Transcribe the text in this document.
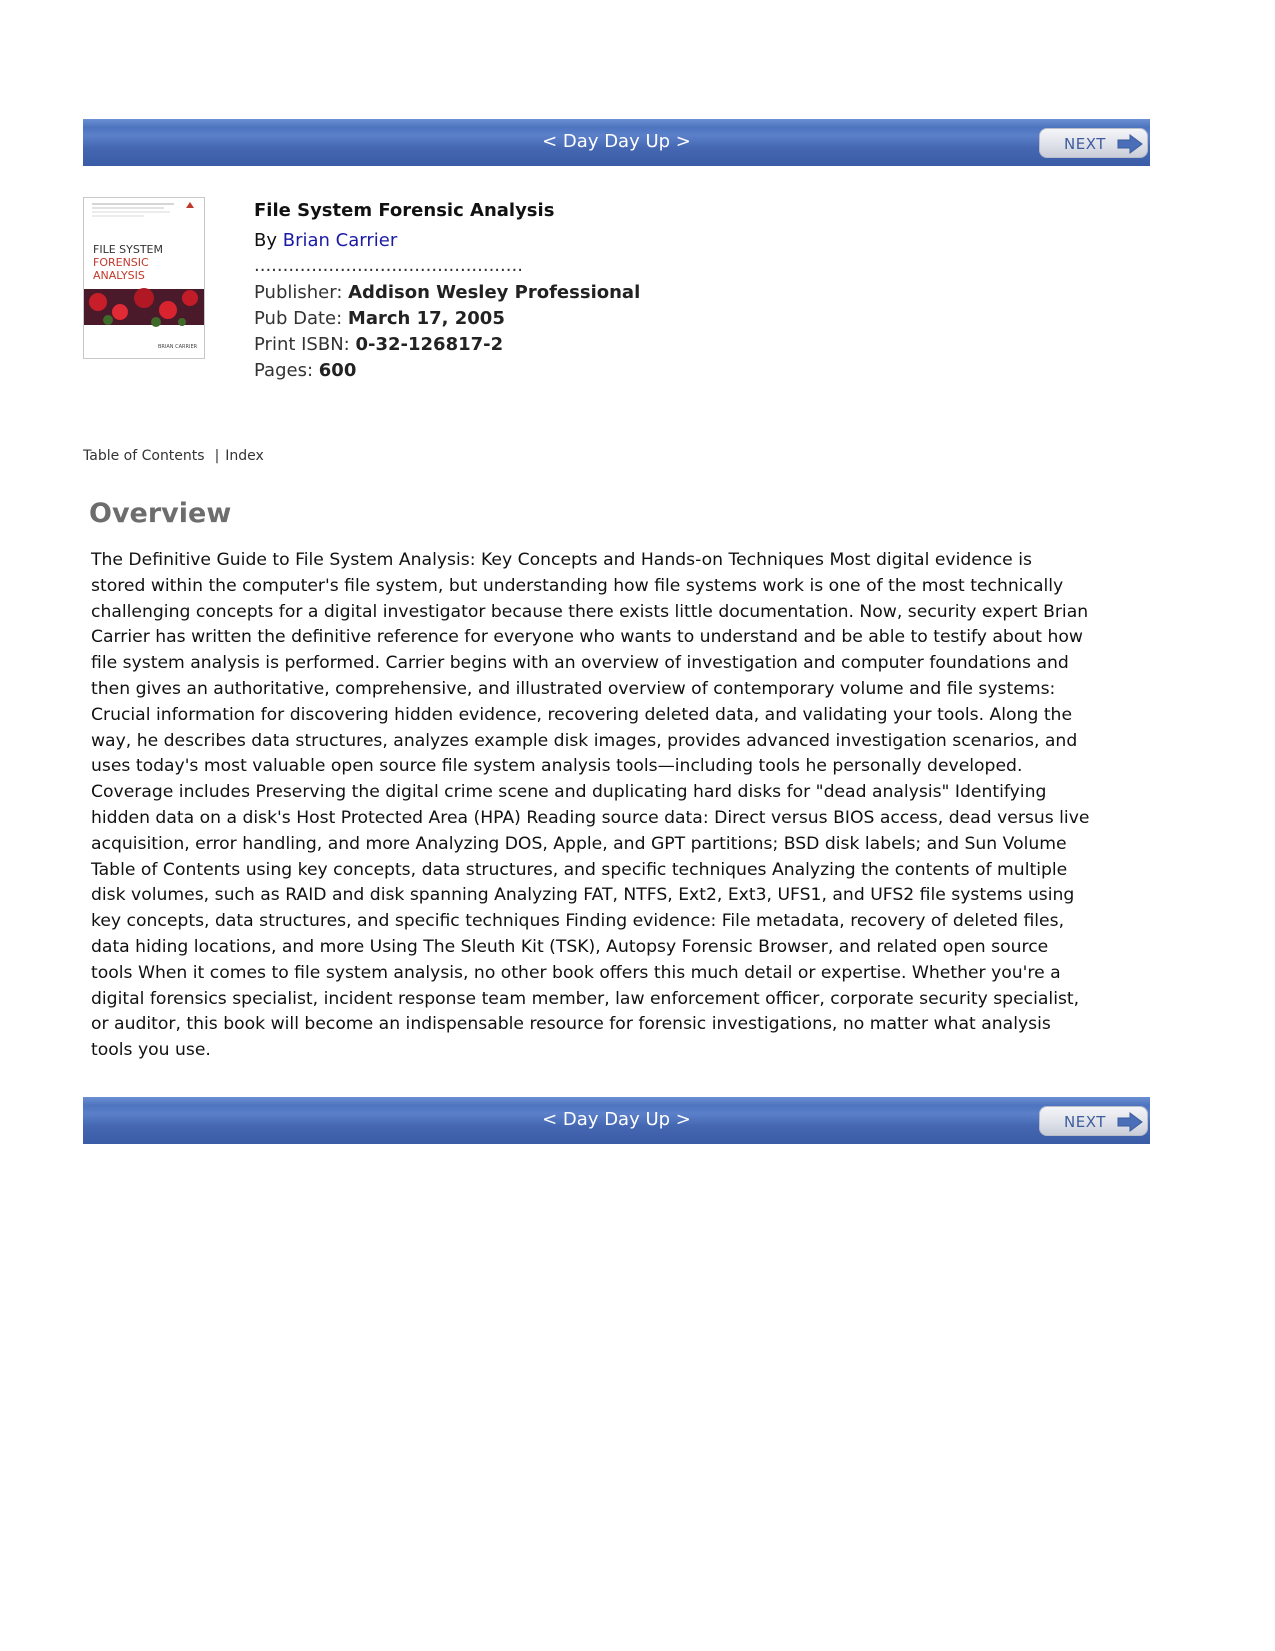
< Day Day Up >	NEXT
FILE SYSTEM
FORENSIC
ANALYSIS
BRIAN CARRIER
File System Forensic Analysis
By Brian Carrier
...............................................
Publisher: Addison Wesley Professional
Pub Date: March 17, 2005
Print ISBN: 0-32-126817-2
Pages: 600
Table of Contents | Index
Overview

The Definitive Guide to File System Analysis: Key Concepts and Hands-on Techniques Most digital evidence is stored within the computer's file system, but understanding how file systems work is one of the most technically challenging concepts for a digital investigator because there exists little documentation. Now, security expert Brian Carrier has written the definitive reference for everyone who wants to understand and be able to testify about how file system analysis is performed. Carrier begins with an overview of investigation and computer foundations and then gives an authoritative, comprehensive, and illustrated overview of contemporary volume and file systems: Crucial information for discovering hidden evidence, recovering deleted data, and validating your tools. Along the way, he describes data structures, analyzes example disk images, provides advanced investigation scenarios, and uses today's most valuable open source file system analysis tools—including tools he personally developed. Coverage includes Preserving the digital crime scene and duplicating hard disks for "dead analysis" Identifying hidden data on a disk's Host Protected Area (HPA) Reading source data: Direct versus BIOS access, dead versus live acquisition, error handling, and more Analyzing DOS, Apple, and GPT partitions; BSD disk labels; and Sun Volume Table of Contents using key concepts, data structures, and specific techniques Analyzing the contents of multiple disk volumes, such as RAID and disk spanning Analyzing FAT, NTFS, Ext2, Ext3, UFS1, and UFS2 file systems using key concepts, data structures, and specific techniques Finding evidence: File metadata, recovery of deleted files, data hiding locations, and more Using The Sleuth Kit (TSK), Autopsy Forensic Browser, and related open source tools When it comes to file system analysis, no other book offers this much detail or expertise. Whether you're a digital forensics specialist, incident response team member, law enforcement officer, corporate security specialist, or auditor, this book will become an indispensable resource for forensic investigations, no matter what analysis tools you use.

< Day Day Up >	NEXT
